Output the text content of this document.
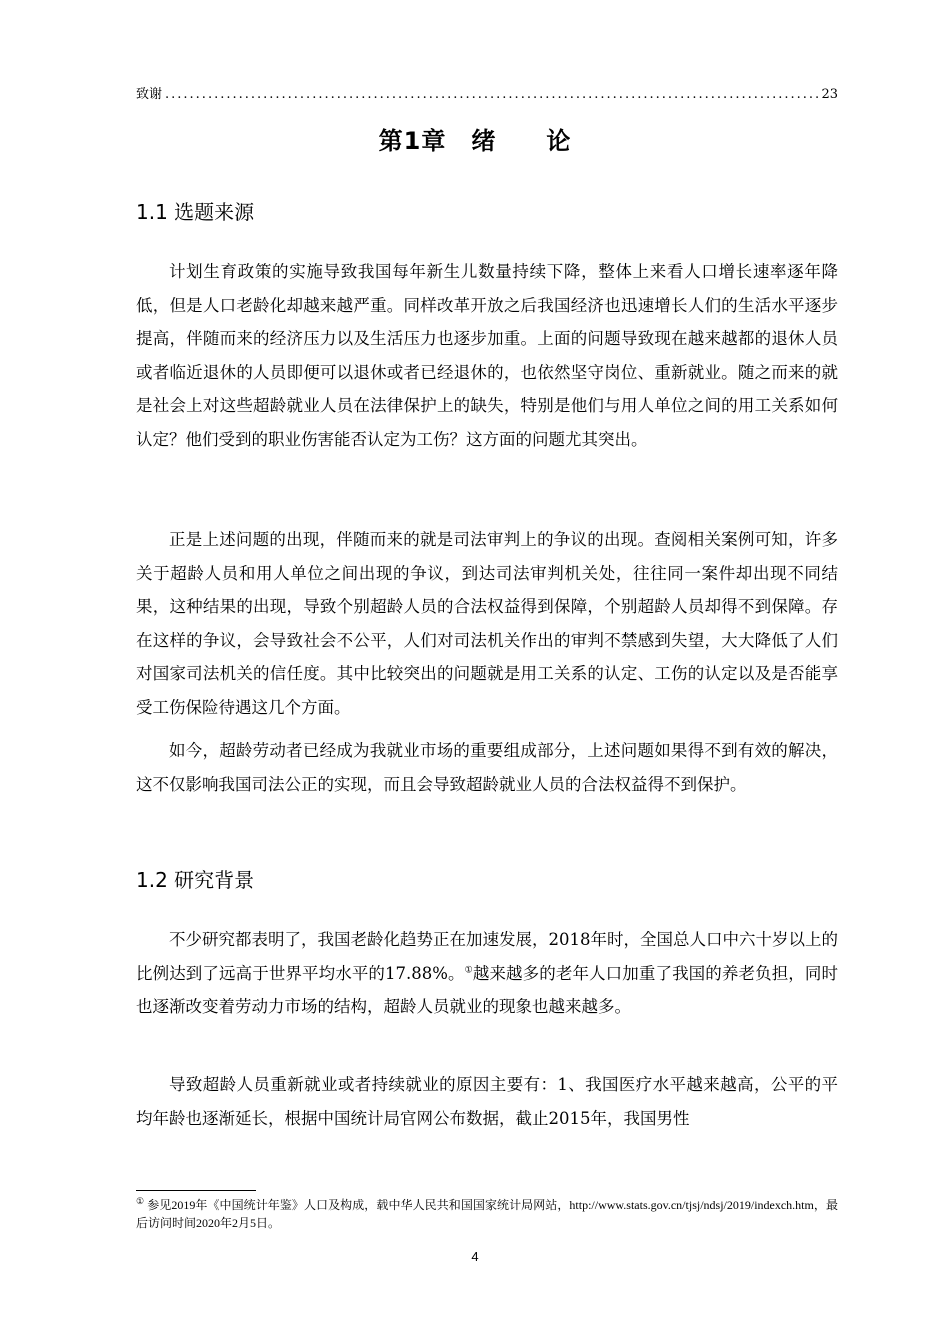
致谢
.....	23
第1章　绪　　论
1.1 选题来源

计划生育政策的实施导致我国每年新生儿数量持续下降，整体上来看人口增长速率逐年降低，但是人口老龄化却越来越严重。同样改革开放之后我国经济也迅速增长人们的生活水平逐步提高，伴随而来的经济压力以及生活压力也逐步加重。上面的问题导致现在越来越都的退休人员或者临近退休的人员即便可以退休或者已经退休的，也依然坚守岗位、重新就业。随之而来的就是社会上对这些超龄就业人员在法律保护上的缺失，特别是他们与用人单位之间的用工关系如何认定？他们受到的职业伤害能否认定为工伤？这方面的问题尤其突出。

正是上述问题的出现，伴随而来的就是司法审判上的争议的出现。查阅相关案例可知，许多关于超龄人员和用人单位之间出现的争议，到达司法审判机关处，往往同一案件却出现不同结果，这种结果的出现，导致个别超龄人员的合法权益得到保障，个别超龄人员却得不到保障。存在这样的争议，会导致社会不公平，人们对司法机关作出的审判不禁感到失望，大大降低了人们对国家司法机关的信任度。其中比较突出的问题就是用工关系的认定、工伤的认定以及是否能享受工伤保险待遇这几个方面。

如今，超龄劳动者已经成为我就业市场的重要组成部分，上述问题如果得不到有效的解决，这不仅影响我国司法公正的实现，而且会导致超龄就业人员的合法权益得不到保护。

1.2 研究背景

不少研究都表明了，我国老龄化趋势正在加速发展，2018年时，全国总人口中六十岁以上的比例达到了远高于世界平均水平的17.88%。①越来越多的老年人口加重了我国的养老负担，同时也逐渐改变着劳动力市场的结构，超龄人员就业的现象也越来越多。

导致超龄人员重新就业或者持续就业的原因主要有：1、我国医疗水平越来越高，公平的平均年龄也逐渐延长，根据中国统计局官网公布数据，截止2015年，我国男性

① 参见2019年《中国统计年鉴》人口及构成，载中华人民共和国国家统计局网站，http://www.stats.gov.cn/tjsj/ndsj/2019/indexch.htm，最后访问时间2020年2月5日。

4
